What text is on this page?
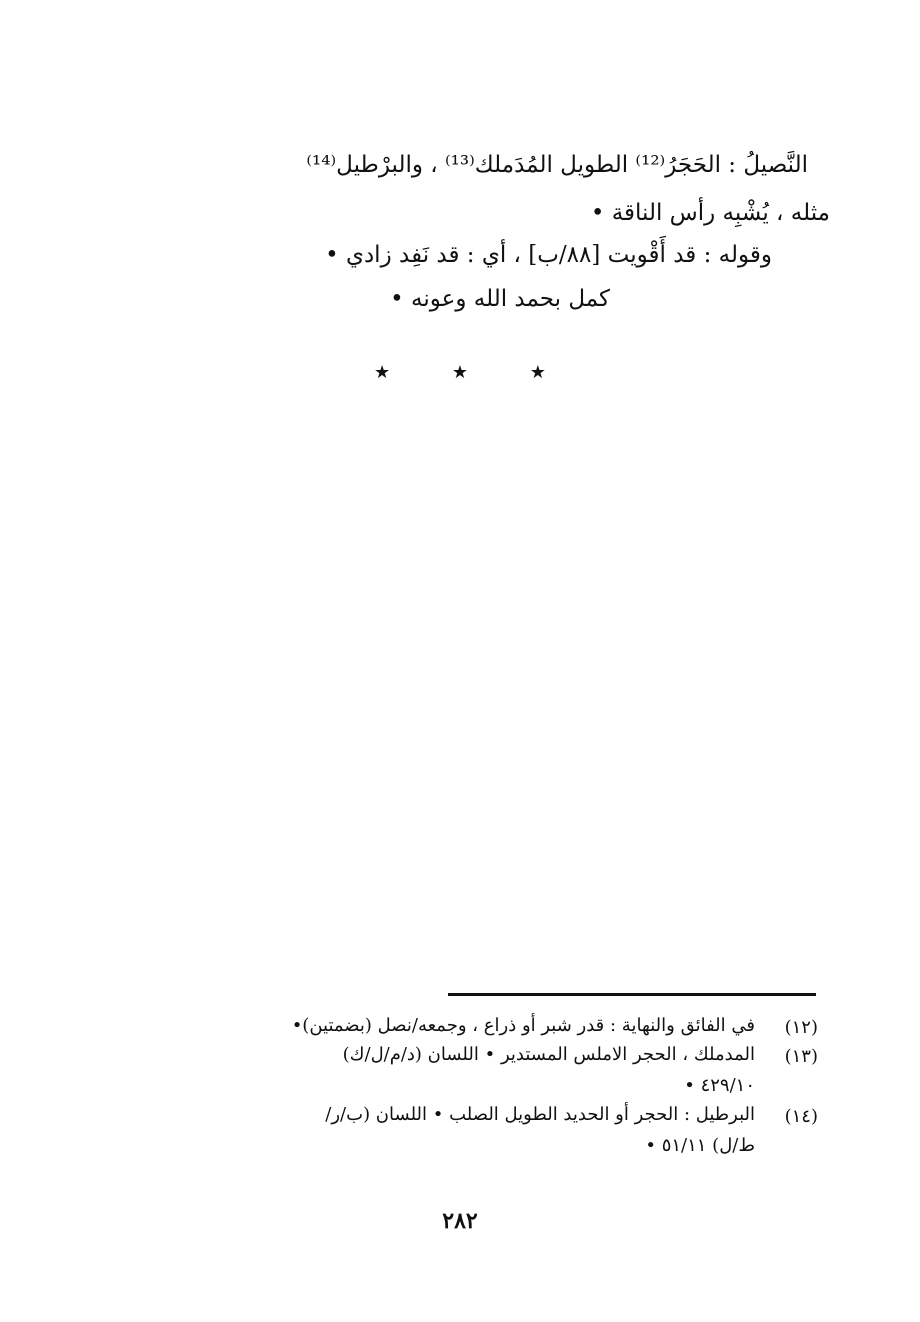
النَّصيلُ : الحَجَرُ⁽¹²⁾ الطويل المُدَملك⁽¹³⁾ ، والبرْطيل⁽¹⁴⁾
مثله ، يُشْبِه رأس الناقة •
وقوله : قد أَقْويت [٨٨/ب] ، أي : قد نَفِد زادي •
كمل بحمد الله وعونه •
★	★	★
(١٢)
في الفائق والنهاية : قدر شبر أو ذراع ، وجمعه/نصل (بضمتين)•
(١٣)
المدملك ، الحجر الاملس المستدير • اللسان (د/م/ل/ك)
٤٢٩/١٠ •
(١٤)
البرطيل : الحجر أو الحديد الطويل الصلب • اللسان (ب/ر/
ط/ل) ٥١/١١ •
٢٨٢
